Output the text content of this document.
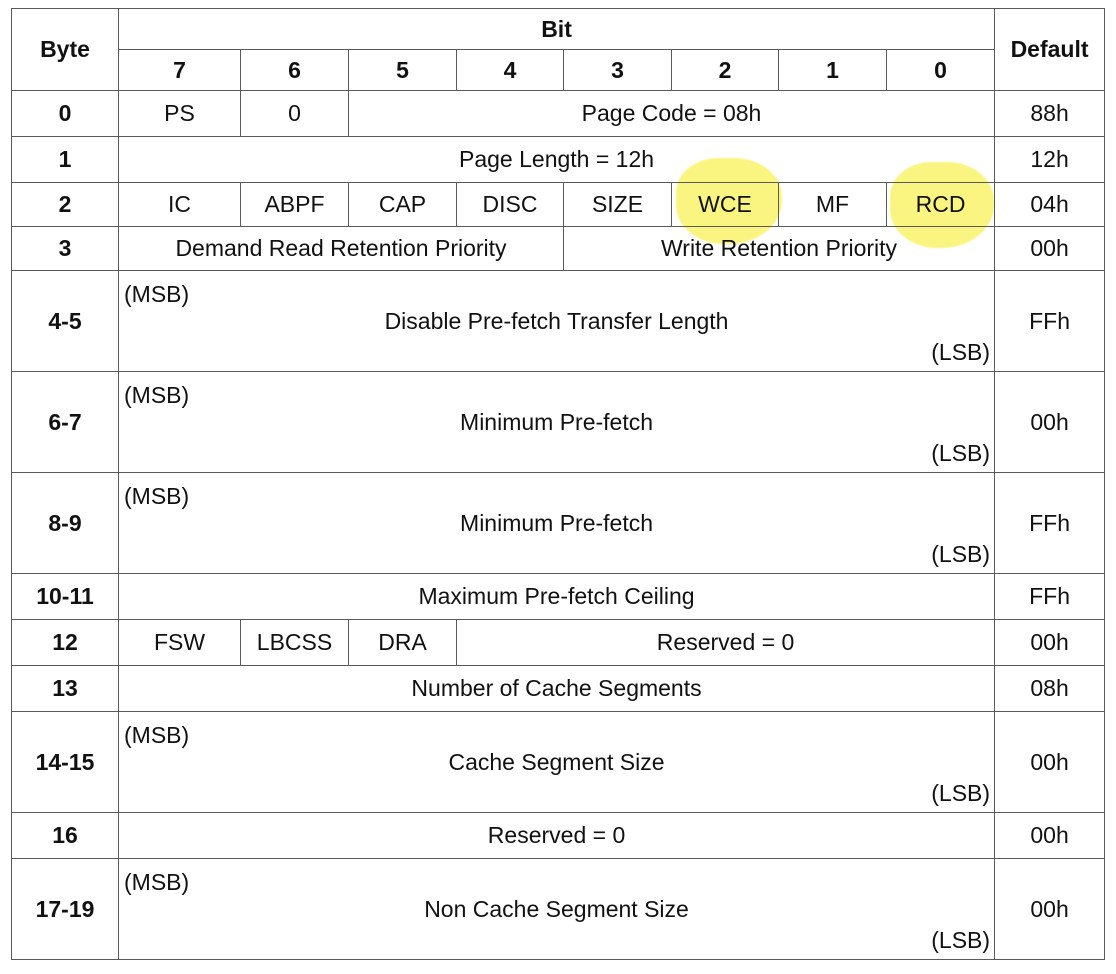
Byte	Bit								Default
	7	6	5	4	3	2	1	0	
0	PS	0	Page Code = 08h						88h
1	Page Length = 12h								12h
2	IC	ABPF	CAP	DISC	SIZE	WCE	MF	RCD	04h
3	Demand Read Retention Priority				Write Retention Priority				00h
4-5	(MSB)
Disable Pre-fetch Transfer Length
(LSB)								FFh
6-7	(MSB)
Minimum Pre-fetch
(LSB)								00h
8-9	(MSB)
Minimum Pre-fetch
(LSB)								FFh
10-11	Maximum Pre-fetch Ceiling								FFh
12	FSW	LBCSS	DRA	Reserved = 0					00h
13	Number of Cache Segments								08h
14-15	(MSB)
Cache Segment Size
(LSB)								00h
16	Reserved = 0								00h
17-19	(MSB)
Non Cache Segment Size
(LSB)								00h
